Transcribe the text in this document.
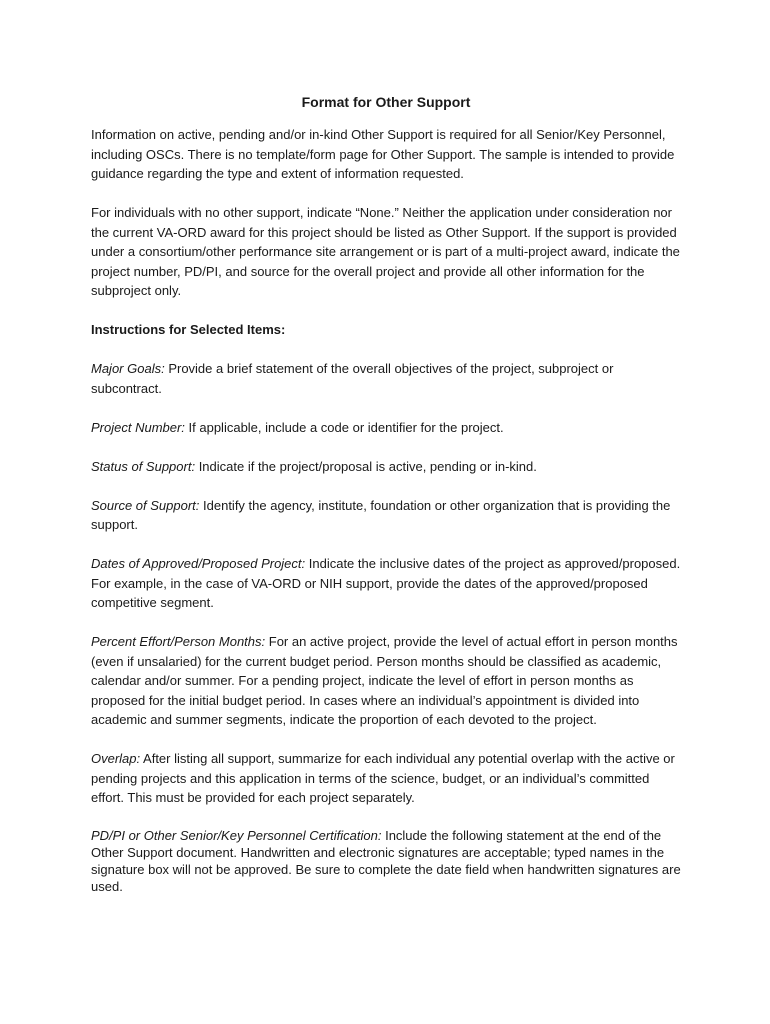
Format for Other Support

Information on active, pending and/or in-kind Other Support is required for all Senior/Key Personnel, including OSCs. There is no template/form page for Other Support. The sample is intended to provide guidance regarding the type and extent of information requested.

For individuals with no other support, indicate “None.” Neither the application under consideration nor the current VA-ORD award for this project should be listed as Other Support. If the support is provided under a consortium/other performance site arrangement or is part of a multi-project award, indicate the project number, PD/PI, and source for the overall project and provide all other information for the subproject only.

Instructions for Selected Items:

Major Goals: Provide a brief statement of the overall objectives of the project, subproject or subcontract.

Project Number: If applicable, include a code or identifier for the project.

Status of Support: Indicate if the project/proposal is active, pending or in-kind.

Source of Support: Identify the agency, institute, foundation or other organization that is providing the support.

Dates of Approved/Proposed Project: Indicate the inclusive dates of the project as approved/proposed. For example, in the case of VA-ORD or NIH support, provide the dates of the approved/proposed competitive segment.

Percent Effort/Person Months: For an active project, provide the level of actual effort in person months (even if unsalaried) for the current budget period. Person months should be classified as academic, calendar and/or summer. For a pending project, indicate the level of effort in person months as proposed for the initial budget period. In cases where an individual’s appointment is divided into academic and summer segments, indicate the proportion of each devoted to the project.

Overlap: After listing all support, summarize for each individual any potential overlap with the active or pending projects and this application in terms of the science, budget, or an individual’s committed effort. This must be provided for each project separately.

PD/PI or Other Senior/Key Personnel Certification: Include the following statement at the end of the Other Support document. Handwritten and electronic signatures are acceptable; typed names in the signature box will not be approved. Be sure to complete the date field when handwritten signatures are used.
